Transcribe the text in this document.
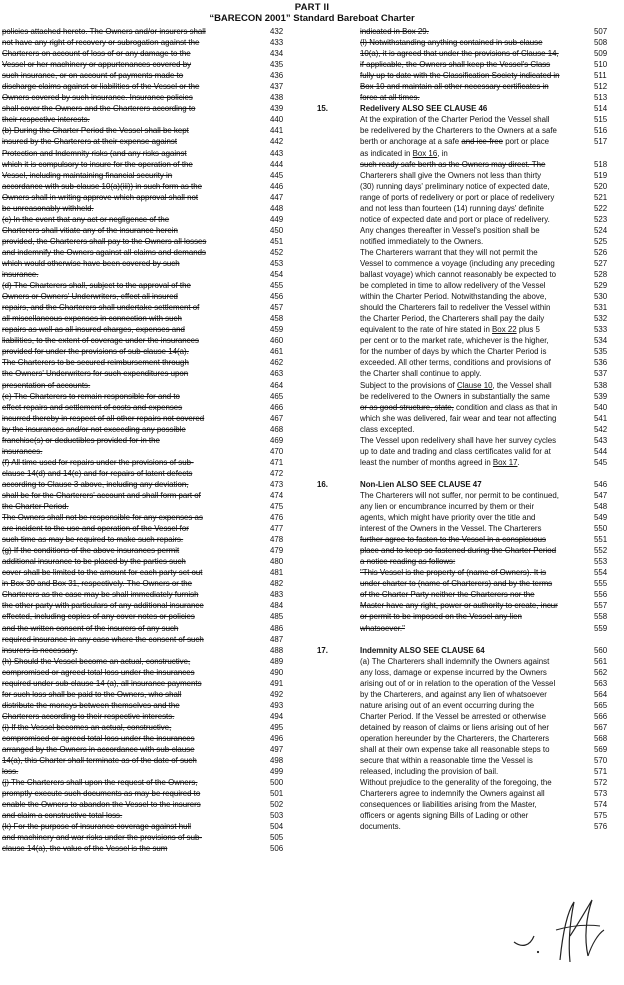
PART II
“BARECON 2001” Standard Bareboat Charter
policies attached hereto. The Owners and/or insurers shall	432
not have any right of recovery or subrogation against the	433
Charterers on account of loss of or any damage to the	434
Vessel or her machinery or appurtenances covered by	435
such insurance, or on account of payments made to	436
discharge claims against or liabilities of the Vessel or the	437
Owners covered by such insurance. Insurance policies	438
shall cover the Owners and the Charterers according to	439
their respective interests.	440
(b) During the Charter Period the Vessel shall be kept	441
insured by the Charterers at their expense against	442
Protection and Indemnity risks (and any risks against	443
which it is compulsory to insure for the operation of the	444
Vessel, including maintaining financial security in	445
accordance with sub-clause 10(a)(iii)) in such form as the	446
Owners shall in writing approve which approval shall not	447
be unreasonably withheld.	448
(c) In the event that any act or negligence of the	449
Charterers shall vitiate any of the insurance herein	450
provided, the Charterers shall pay to the Owners all losses	451
and indemnify the Owners against all claims and demands	452
which would otherwise have been covered by such	453
insurance.	454
(d) The Charterers shall, subject to the approval of the	455
Owners or Owners' Underwriters, effect all insured	456
repairs, and the Charterers shall undertake settlement of	457
all miscellaneous expenses in connection with such	458
repairs as well as all insured charges, expenses and	459
liabilities, to the extent of coverage under the insurances	460
provided for under the provisions of sub-clause 14(a).	461
The Charterers to be secured reimbursement through	462
the Owners' Underwriters for such expenditures upon	463
presentation of accounts.	464
(e) The Charterers to remain responsible for and to	465
effect repairs and settlement of costs and expenses	466
incurred thereby in respect of all other repairs not covered	467
by the insurances and/or not exceeding any possible	468
franchise(s) or deductibles provided for in the	469
insurances.	470
(f) All time used for repairs under the provisions of sub-	471
clause 14(d) and 14(e) and for repairs of latent defects	472
according to Clause 3 above, including any deviation,	473
shall be for the Charterers' account and shall form part of	474
the Charter Period.	475
The Owners shall not be responsible for any expenses as	476
are incident to the use and operation of the Vessel for	477
such time as may be required to make such repairs.	478
(g) If the conditions of the above insurances permit	479
additional insurance to be placed by the parties such	480
cover shall be limited to the amount for each party set out	481
in Box 30 and Box 31, respectively. The Owners or the	482
Charterers as the case may be shall immediately furnish	483
the other party with particulars of any additional insurance	484
effected, including copies of any cover notes or policies	485
and the written consent of the insurers of any such	486
required insurance in any case where the consent of such	487
insurers is necessary.	488
(h) Should the Vessel become an actual, constructive,	489
compromised or agreed total loss under the insurances	490
required under sub-clause 14 (a), all insurance payments	491
for such loss shall be paid to the Owners, who shall	492
distribute the moneys between themselves and the	493
Charterers according to their respective interests.	494
(i) If the Vessel becomes an actual, constructive,	495
compromised or agreed total loss under the insurances	496
arranged by the Owners in accordance with sub-clause	497
14(a), this Charter shall terminate as of the date of such	498
loss.	499
(j) The Charterers shall upon the request of the Owners,	500
promptly execute such documents as may be required to	501
enable the Owners to abandon the Vessel to the insurers	502
and claim a constructive total loss.	503
(k) For the purpose of insurance coverage against hull	504
and machinery and war risks under the provisions of sub-	505
clause 14(a), the value of the Vessel is the sum	506
indicated in Box 29.	507
(l) Notwithstanding anything contained in sub-clause	508
10(a), it is agreed that under the provisions of Clause 14,	509
if applicable, the Owners shall keep the Vessel's Class	510
fully up to date with the Classification Society indicated in	511
Box 10 and maintain all other necessary certificates in	512
force at all times.	513
15.	Redelivery ALSO SEE CLAUSE 46	514
At the expiration of the Charter Period the Vessel shall	515
be redelivered by the Charterers to the Owners at a safe	516
berth or anchorage at a safe and ice-free port or place	517
as indicated in Box 16, in
such ready safe berth as the Owners may direct. The	518
Charterers shall give the Owners not less than thirty	519
(30) running days' preliminary notice of expected date,	520
range of ports of redelivery or port or place of redelivery	521
and not less than fourteen (14) running days' definite	522
notice of expected date and port or place of redelivery.	523
Any changes thereafter in Vessel's position shall be	524
notified immediately to the Owners.	525
The Charterers warrant that they will not permit the	526
Vessel to commence a voyage (including any preceding	527
ballast voyage) which cannot reasonably be expected to	528
be completed in time to allow redelivery of the Vessel	529
within the Charter Period. Notwithstanding the above,	530
should the Charterers fail to redeliver the Vessel within	531
the Charter Period, the Charterers shall pay the daily	532
equivalent to the rate of hire stated in Box 22 plus 5	533
per cent or to the market rate, whichever is the higher,	534
for the number of days by which the Charter Period is	535
exceeded. All other terms, conditions and provisions of	536
the Charter shall continue to apply.	537
Subject to the provisions of Clause 10, the Vessel shall	538
be redelivered to the Owners in substantially the same	539
or as good structure, state, condition and class as that in	540
which she was delivered, fair wear and tear not affecting	541
class excepted.	542
The Vessel upon redelivery shall have her survey cycles	543
up to date and trading and class certificates valid for at	544
least the number of months agreed in Box 17.	545
16.	Non-Lien ALSO SEE CLAUSE 47	546
The Charterers will not suffer, nor permit to be continued,	547
any lien or encumbrance incurred by them or their	548
agents, which might have priority over the title and	549
interest of the Owners in the Vessel. The Charterers	550
further agree to fasten to the Vessel in a conspicuous	551
place and to keep so fastened during the Charter Period	552
a notice reading as follows:	553
"This Vessel is the property of (name of Owners). It is	554
under charter to (name of Charterers) and by the terms	555
of the Charter Party neither the Charterers nor the	556
Master have any right, power or authority to create, incur	557
or permit to be imposed on the Vessel any lien	558
whatsoever."	559
17.	Indemnity ALSO SEE CLAUSE 64	560
(a) The Charterers shall indemnify the Owners against	561
any loss, damage or expense incurred by the Owners	562
arising out of or in relation to the operation of the Vessel	563
by the Charterers, and against any lien of whatsoever	564
nature arising out of an event occurring during the	565
Charter Period. If the Vessel be arrested or otherwise	566
detained by reason of claims or liens arising out of her	567
operation hereunder by the Charterers, the Charterers	568
shall at their own expense take all reasonable steps to	569
secure that within a reasonable time the Vessel is	570
released, including the provision of bail.	571
Without prejudice to the generality of the foregoing, the	572
Charterers agree to indemnify the Owners against all	573
consequences or liabilities arising from the Master,	574
officers or agents signing Bills of Lading or other	575
documents.	576
